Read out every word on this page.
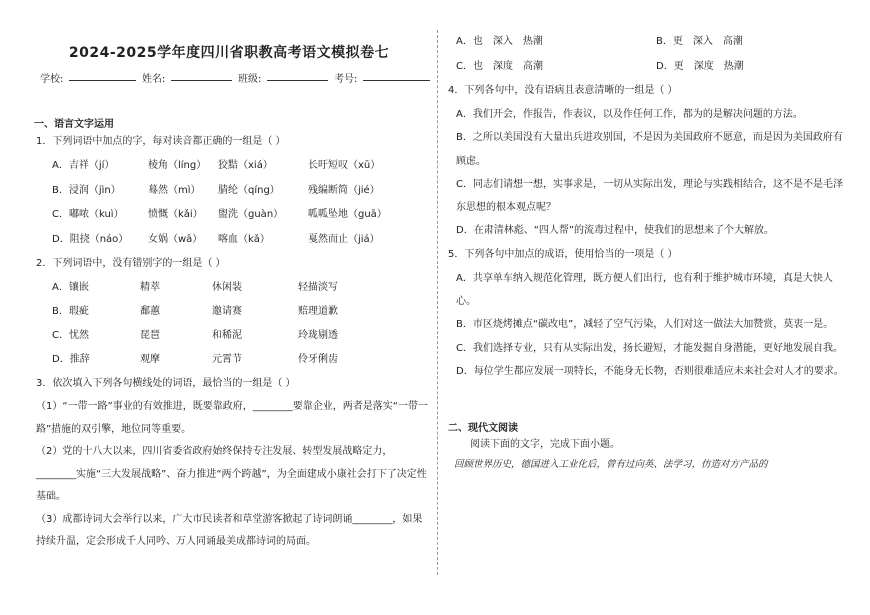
2024-2025学年度四川省职教高考语文模拟卷七
学校:	姓名:	班级:	考号:
一、语言文字运用
1．下列词语中加点的字，每对读音都正确的一组是（ ）
A．吉祥（jí）	棱角（líng）	狡黠（xiá）	长吁短叹（xū）
B．浸润（jìn）	蓦然（mì）	腈纶（qíng）	残编断简（jié）
C．嘟哝（kuì）	愤慨（kǎi）	盥洗（guàn）	呱呱坠地（guā）
D．阻挠（náo）	女娲（wā）	喀血（kǎ）	戛然而止（jiá）
2．下列词语中，没有错别字的一组是（ ）
A．镶嵌	精萃	休闲装	轻描淡写
B．瑕疵	鄱蕙	邀请赛	赔理道歉
C．忧然	琵琶	和稀泥	玲珑剔透
D．推辞	观摩	元霄节	伶牙俐齿
3．依次填入下列各句横线处的词语，最恰当的一组是（ ）
（1）“一带一路”事业的有效推进，既要靠政府，________要靠企业，两者是落实“一带一路”措施的双引擎，地位同等重要。
（2）党的十八大以来，四川省委省政府始终保持专注发展、转型发展战略定力，________实施“三大发展战略”、奋力推进“两个跨越”，为全面建成小康社会打下了决定性基础。
（3）成都诗词大会举行以来，广大市民读者和草堂游客掀起了诗词朗诵________，如果持续升温，定会形成千人同吟、万人同诵最美成都诗词的局面。
A．也　深入　热潮	B．更　深入　高潮
C．也　深度　高潮	D．更　深度　热潮
4．下列各句中，没有语病且表意清晰的一组是（ ）
A．我们开会，作报告，作表议，以及作任何工作，都为的是解决问题的方法。
B．之所以美国没有大量出兵进攻别国，不是因为美国政府不愿意，而是因为美国政府有顾虑。
C．同志们请想一想，实事求是，一切从实际出发，理论与实践相结合，这不是不是毛泽东思想的根本观点呢？
D．在肃清林彪、“四人帮”的流毒过程中，使我们的思想来了个大解放。
5．下列各句中加点的成语，使用恰当的一项是（ ）
A．共享单车纳入规范化管理，既方便人们出行，也有利于维护城市环境，真是大快人心。
B．市区烧烤摊点“碳改电”，减轻了空气污染，人们对这一做法大加赞赏，莫衷一是。
C．我们选择专业，只有从实际出发，扬长避短，才能发掘自身潜能，更好地发展自我。
D．每位学生都应发展一项特长，不能身无长物，否则很难适应未来社会对人才的要求。
二、现代文阅读
阅读下面的文字，完成下面小题。
回顾世界历史，德国进入工业化后，曾有过向英、法学习，仿造对方产品的
